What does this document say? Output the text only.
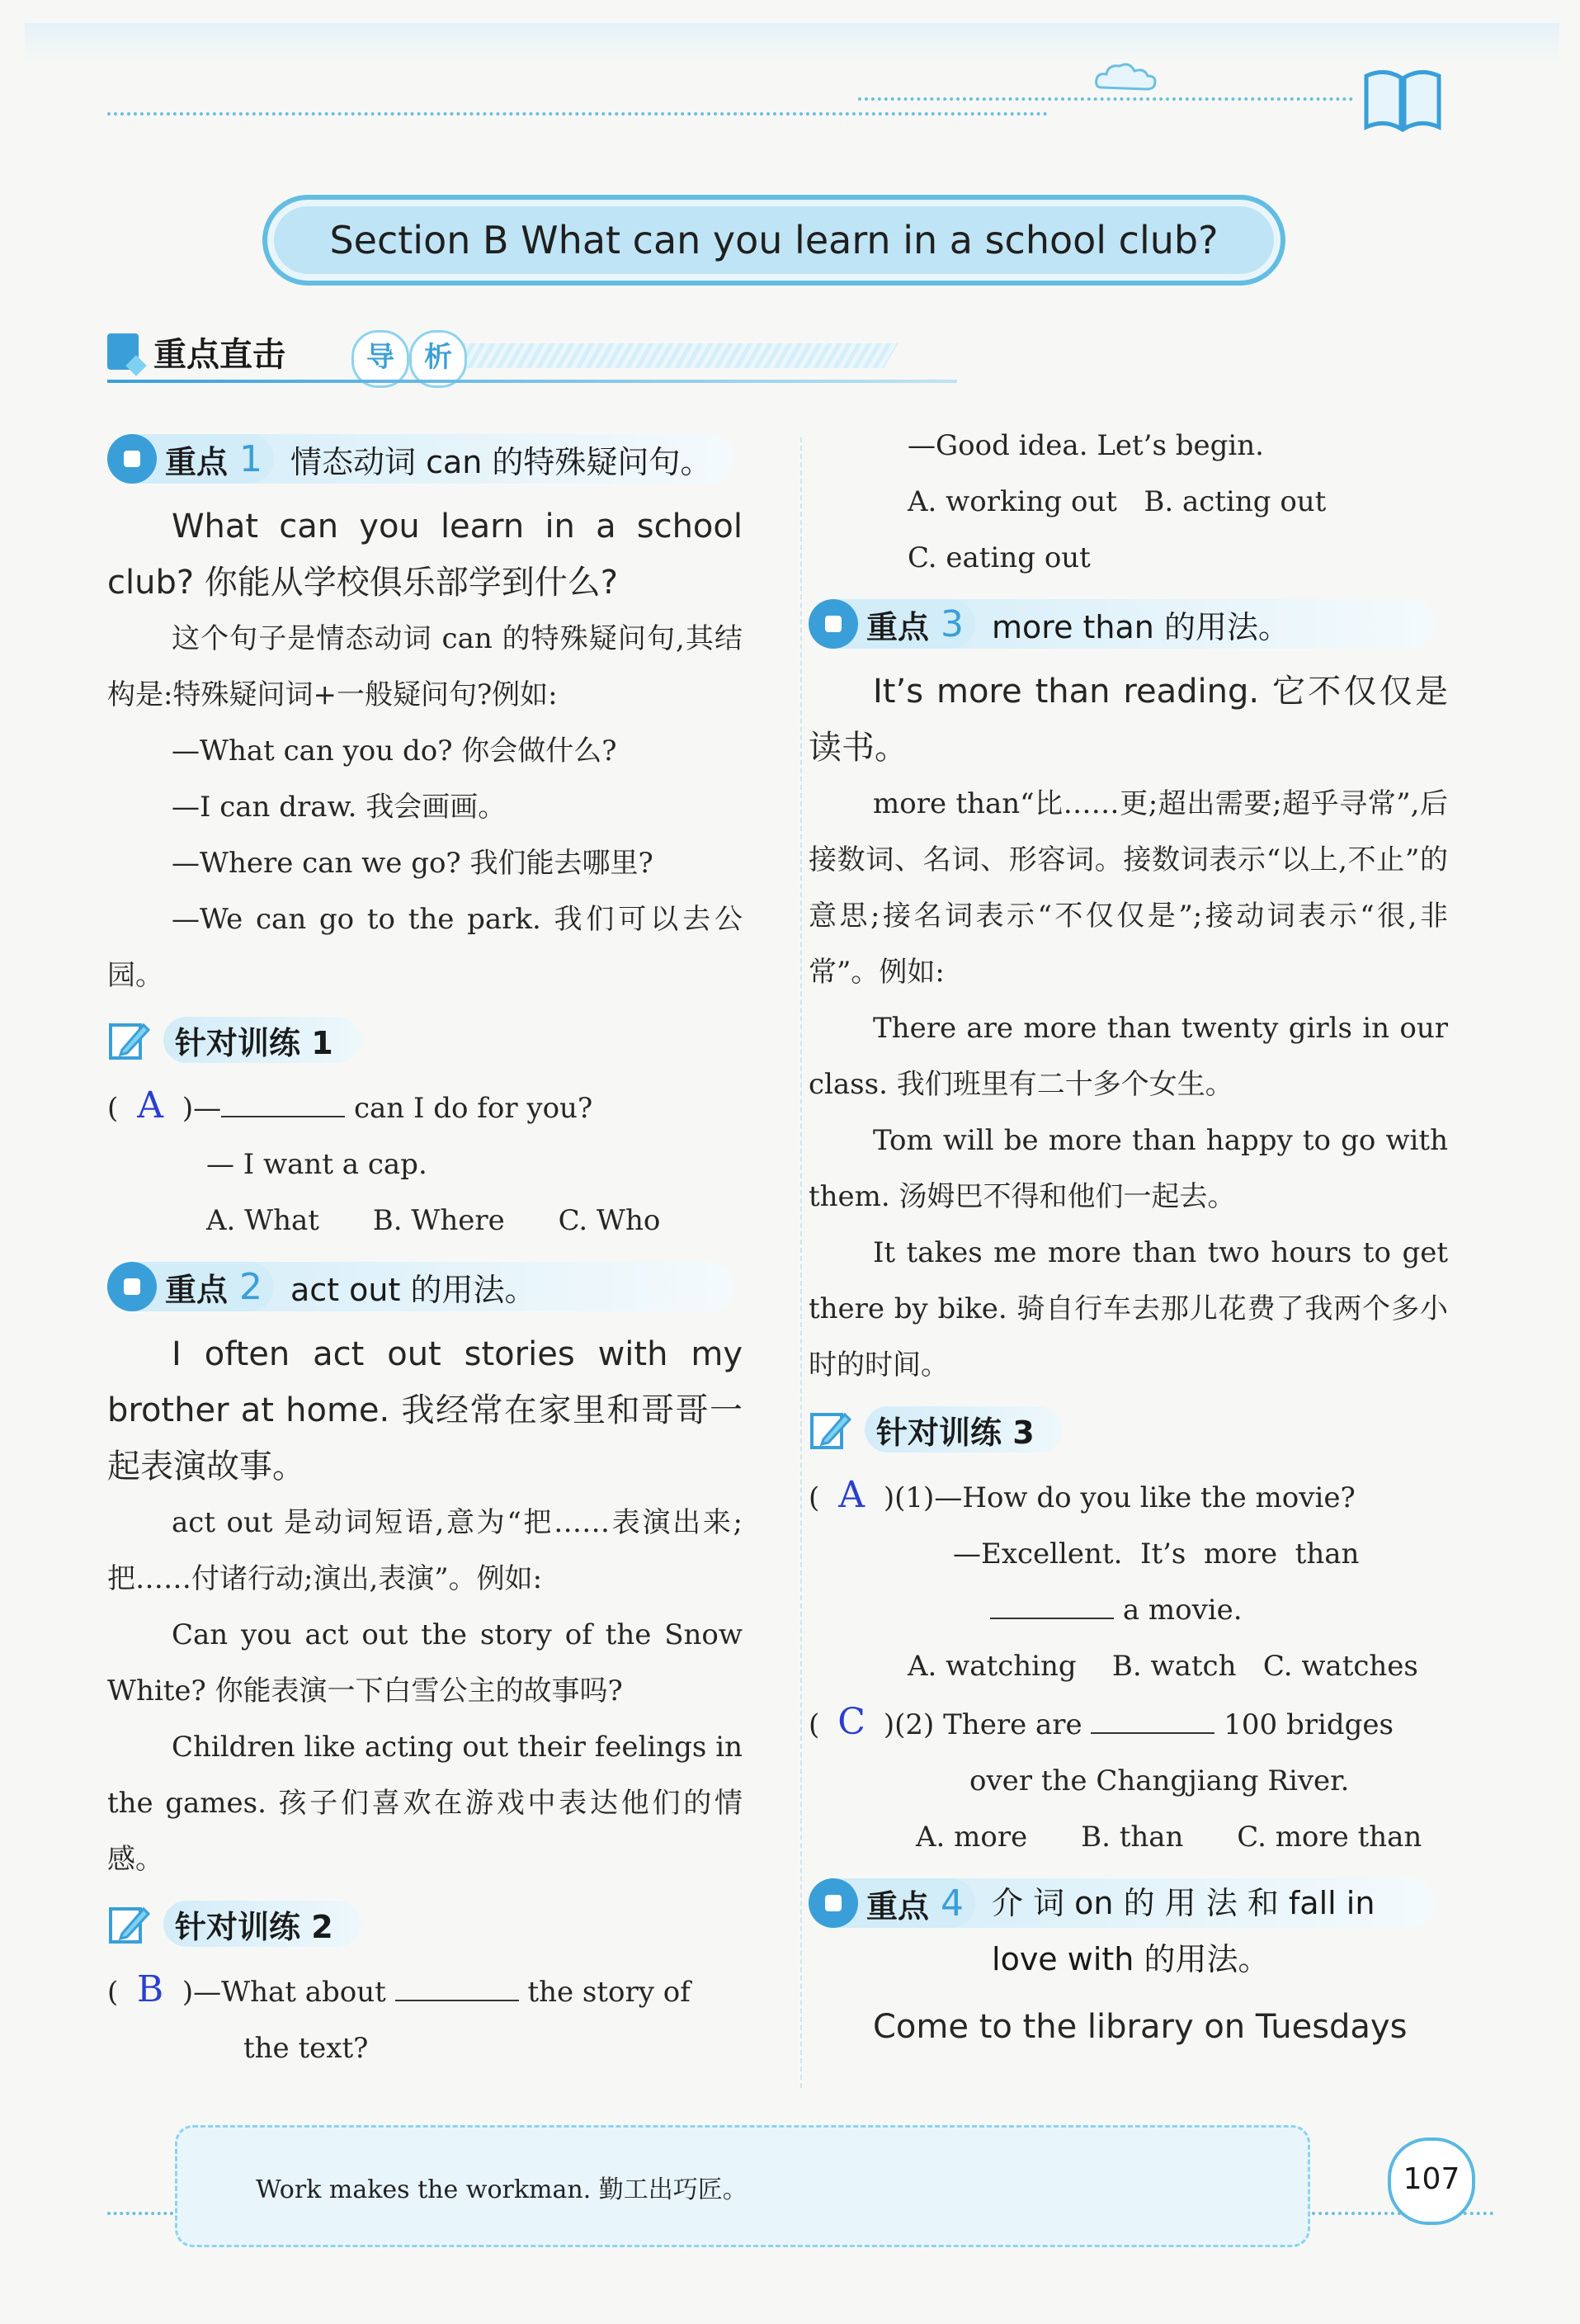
Section B What can you learn in a school club?
重点直击	导	析
重点 1 情态动词 can 的特殊疑问句。

What can you learn in a school club? 你能从学校俱乐部学到什么?

这个句子是情态动词 can 的特殊疑问句,其结构是:特殊疑问词+一般疑问句?例如:

—What can you do? 你会做什么?

—I can draw. 我会画画。

—Where can we go? 我们能去哪里?

—We can go to the park. 我们可以去公园。

针对训练 1

( A )—	can I do for you?

— I want a cap.

A. What      B. Where      C. Who

重点 2 act out 的用法。

I often act out stories with my brother at home. 我经常在家里和哥哥一起表演故事。

act out 是动词短语,意为“把……表演出来;把……付诸行动;演出,表演”。例如:

Can you act out the story of the Snow White? 你能表演一下白雪公主的故事吗?

Children like acting out their feelings in the games. 孩子们喜欢在游戏中表达他们的情感。

针对训练 2

( B )—What about	the story of

the text?

—Good idea. Let’s begin.

A. working out   B. acting out

C. eating out

重点 3 more than 的用法。

It’s more than reading. 它不仅仅是读书。

more than“比……更;超出需要;超乎寻常”,后接数词、名词、形容词。接数词表示“以上,不止”的意思;接名词表示“不仅仅是”;接动词表示“很,非常”。例如:

There are more than twenty girls in our class. 我们班里有二十多个女生。

Tom will be more than happy to go with them. 汤姆巴不得和他们一起去。

It takes me more than two hours to get there by bike. 骑自行车去那儿花费了我两个多小时的时间。

针对训练 3

( A )(1)—How do you like the movie?

—Excellent.  It’s  more  than

a movie.

A. watching    B. watch   C. watches

( C )(2) There are	100 bridges

over the Changjiang River.

A. more      B. than      C. more than

重点 4 介 词 on 的 用 法 和 fall in
love with 的用法。

Come to the library on Tuesdays

Work makes the workman. 勤工出巧匠。	107
